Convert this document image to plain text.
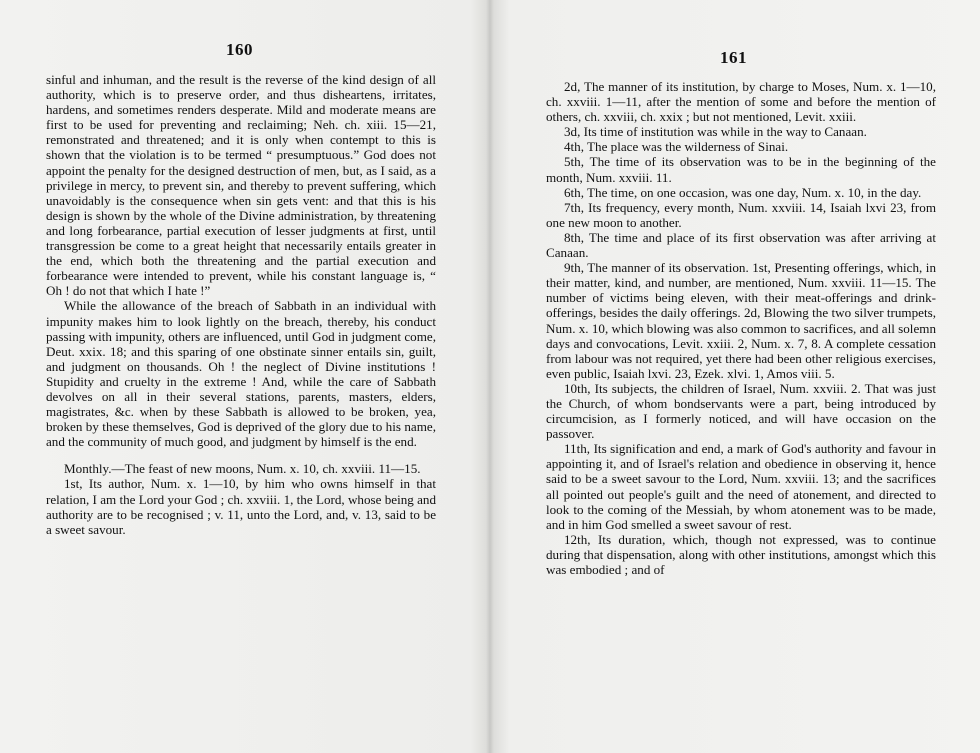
160

sinful and inhuman, and the result is the reverse of the kind design of all authority, which is to preserve order, and thus disheartens, irritates, hardens, and sometimes renders desperate. Mild and moderate means are first to be used for preventing and reclaiming; Neh. ch. xiii. 15—21, remonstrated and threatened; and it is only when contempt to this is shown that the violation is to be termed “ presumptuous.” God does not appoint the penalty for the designed destruction of men, but, as I said, as a privilege in mercy, to prevent sin, and thereby to prevent suffering, which unavoidably is the consequence when sin gets vent: and that this is his design is shown by the whole of the Divine administration, by threatening and long forbearance, partial execution of lesser judgments at first, until transgression be come to a great height that necessarily entails greater in the end, which both the threatening and the partial execution and forbearance were intended to prevent, while his constant language is, “ Oh ! do not that which I hate !”

While the allowance of the breach of Sabbath in an individual with impunity makes him to look lightly on the breach, thereby, his conduct passing with impunity, others are influenced, until God in judgment come, Deut. xxix. 18; and this sparing of one obstinate sinner entails sin, guilt, and judgment on thousands. Oh ! the neglect of Divine institutions ! Stupidity and cruelty in the extreme ! And, while the care of Sabbath devolves on all in their several stations, parents, masters, elders, magistrates, &c. when by these Sabbath is allowed to be broken, yea, broken by these themselves, God is deprived of the glory due to his name, and the community of much good, and judgment by himself is the end.

Monthly.—The feast of new moons, Num. x. 10, ch. xxviii. 11—15.

1st, Its author, Num. x. 1—10, by him who owns himself in that relation, I am the Lord your God ; ch. xxviii. 1, the Lord, whose being and authority are to be recognised ; v. 11, unto the Lord, and, v. 13, said to be a sweet savour.

161

2d, The manner of its institution, by charge to Moses, Num. x. 1—10, ch. xxviii. 1—11, after the mention of some and before the mention of others, ch. xxviii, ch. xxix ; but not mentioned, Levit. xxiii.

3d, Its time of institution was while in the way to Canaan.

4th, The place was the wilderness of Sinai.

5th, The time of its observation was to be in the beginning of the month, Num. xxviii. 11.

6th, The time, on one occasion, was one day, Num. x. 10, in the day.

7th, Its frequency, every month, Num. xxviii. 14, Isaiah lxvi 23, from one new moon to another.

8th, The time and place of its first observation was after arriving at Canaan.

9th, The manner of its observation. 1st, Presenting offerings, which, in their matter, kind, and number, are mentioned, Num. xxviii. 11—15. The number of victims being eleven, with their meat-offerings and drink-offerings, besides the daily offerings. 2d, Blowing the two silver trumpets, Num. x. 10, which blowing was also common to sacrifices, and all solemn days and convocations, Levit. xxiii. 2, Num. x. 7, 8. A complete cessation from labour was not required, yet there had been other religious exercises, even public, Isaiah lxvi. 23, Ezek. xlvi. 1, Amos viii. 5.

10th, Its subjects, the children of Israel, Num. xxviii. 2. That was just the Church, of whom bondservants were a part, being introduced by circumcision, as I formerly noticed, and will have occasion on the passover.

11th, Its signification and end, a mark of God's authority and favour in appointing it, and of Israel's relation and obedience in observing it, hence said to be a sweet savour to the Lord, Num. xxviii. 13; and the sacrifices all pointed out people's guilt and the need of atonement, and directed to look to the coming of the Messiah, by whom atonement was to be made, and in him God smelled a sweet savour of rest.

12th, Its duration, which, though not expressed, was to continue during that dispensation, along with other institutions, amongst which this was embodied ; and of
